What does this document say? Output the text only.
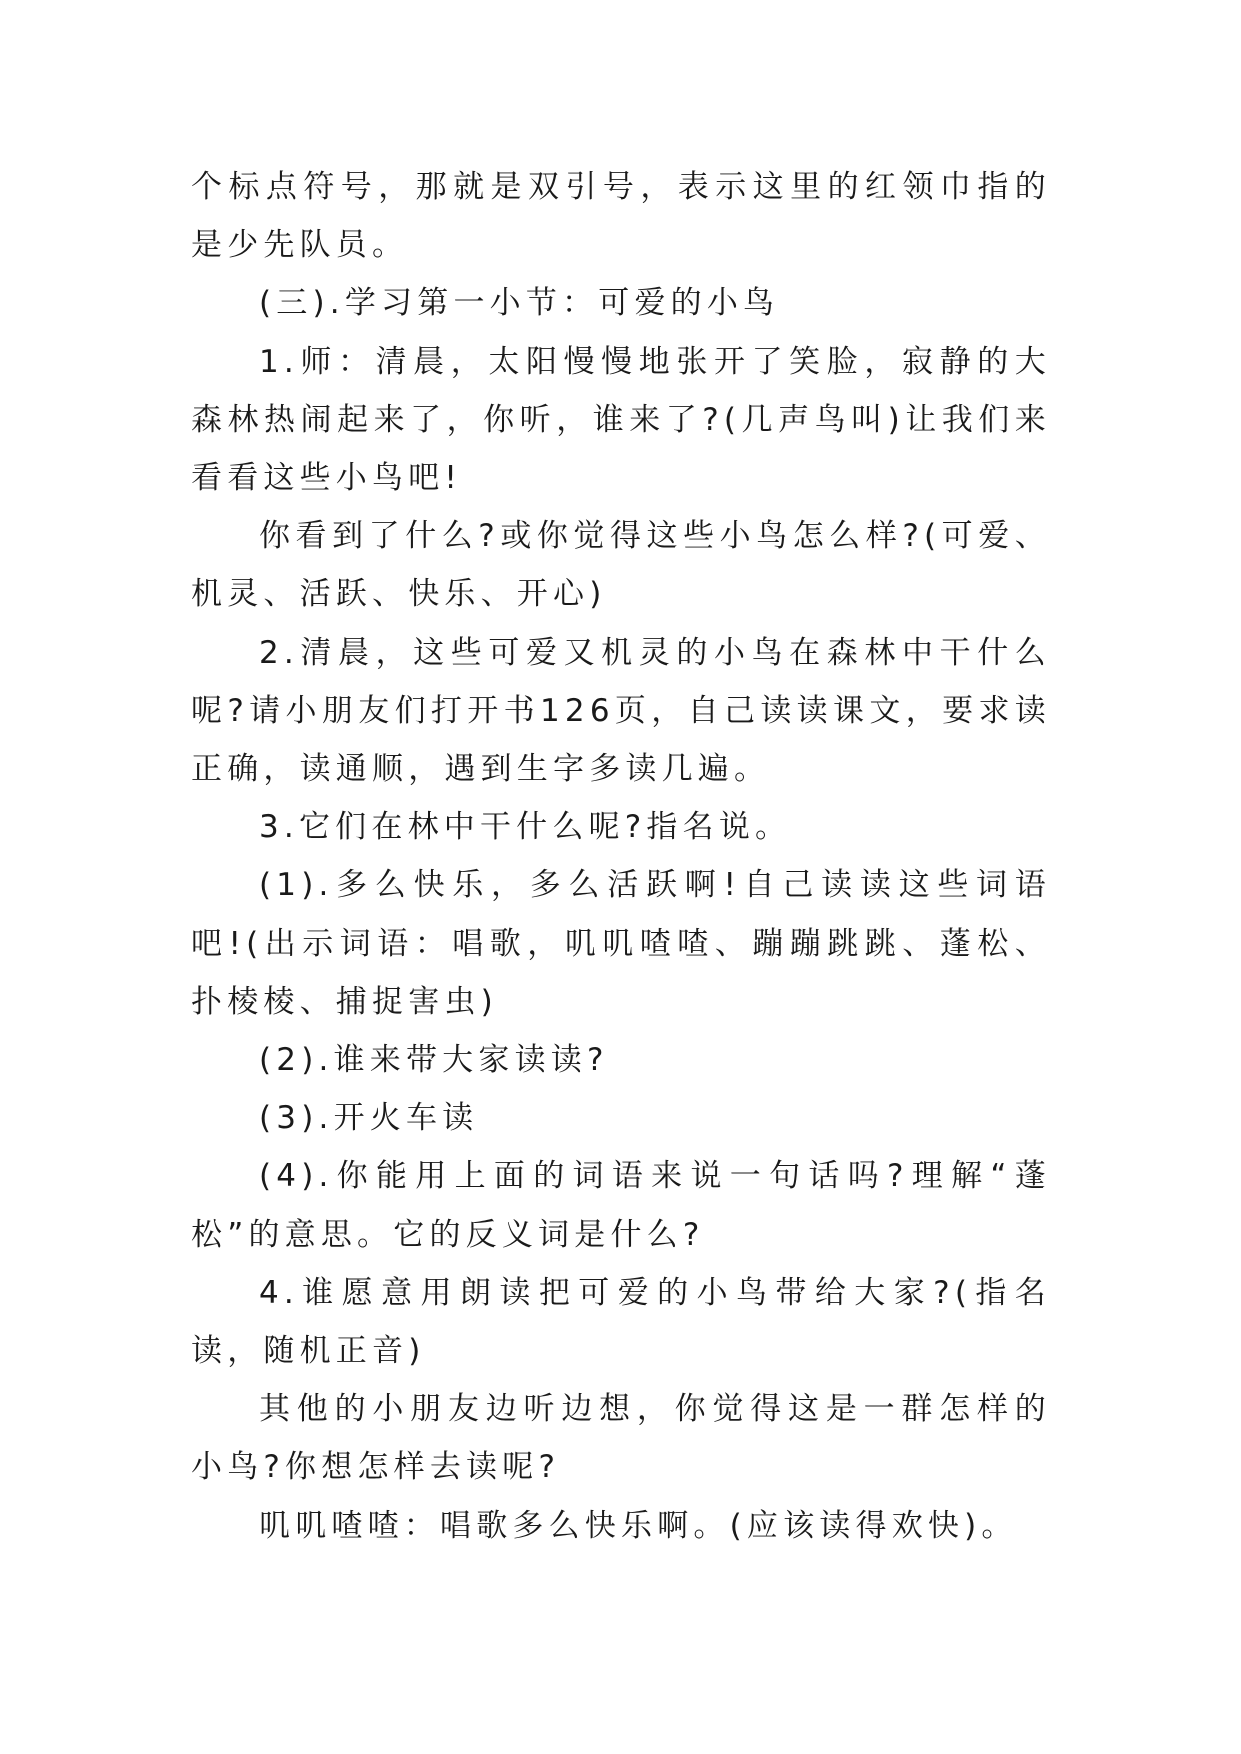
个标点符号，那就是双引号，表示这里的红领巾指的是少先队员。

(三).学习第一小节：可爱的小鸟

1.师：清晨，太阳慢慢地张开了笑脸，寂静的大森林热闹起来了，你听，谁来了?(几声鸟叫)让我们来看看这些小鸟吧!

你看到了什么?或你觉得这些小鸟怎么样?(可爱、机灵、活跃、快乐、开心)

2.清晨，这些可爱又机灵的小鸟在森林中干什么呢?请小朋友们打开书126页，自己读读课文，要求读正确，读通顺，遇到生字多读几遍。

3.它们在林中干什么呢?指名说。

(1).多么快乐，多么活跃啊!自己读读这些词语吧!(出示词语：唱歌，叽叽喳喳、蹦蹦跳跳、蓬松、扑棱棱、捕捉害虫)

(2).谁来带大家读读?

(3).开火车读

(4).你能用上面的词语来说一句话吗?理解“蓬松”的意思。它的反义词是什么?

4.谁愿意用朗读把可爱的小鸟带给大家?(指名读，随机正音)

其他的小朋友边听边想，你觉得这是一群怎样的小鸟?你想怎样去读呢?

叽叽喳喳：唱歌多么快乐啊。(应该读得欢快)。
